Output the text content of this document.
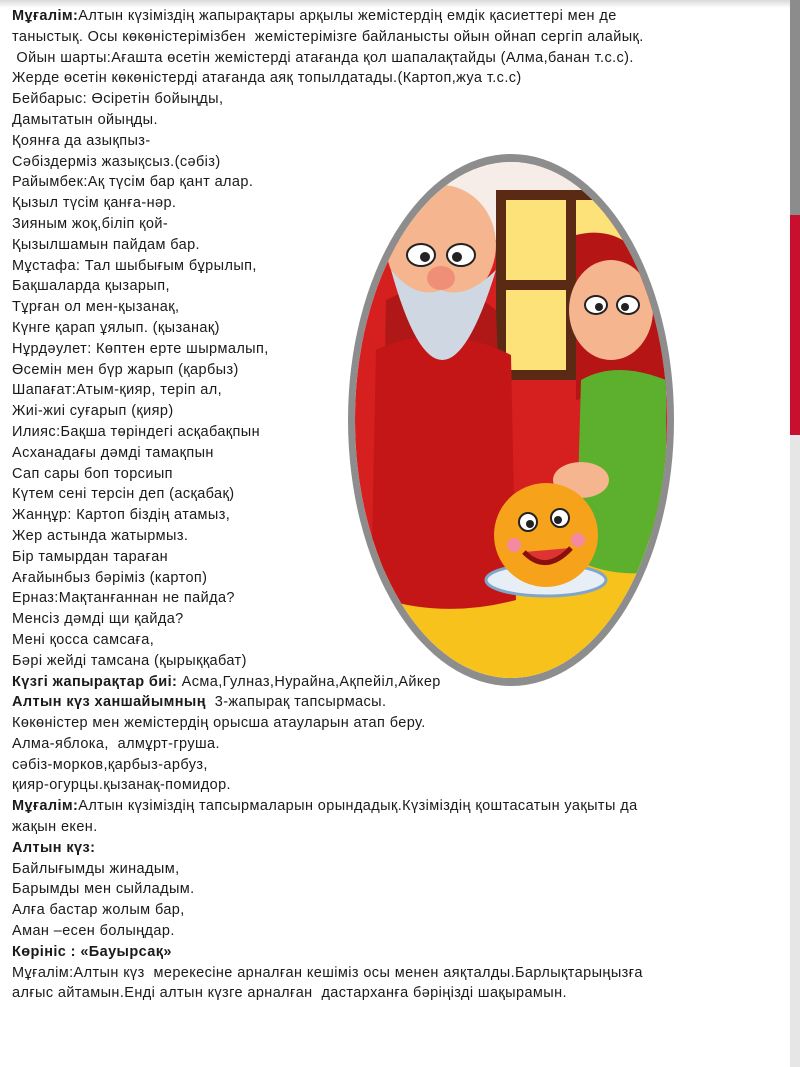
Мұғалім:Алтын күзіміздің жапырақтары арқылы жемістердің емдік қасиеттері мен де
таныстық. Осы көкөністерімізбен  жемістерімізге байланысты ойын ойнап сергіп алайық.
Ойын шарты:Ағашта өсетін жемістерді атағанда қол шапалақтайды (Алма,банан т.с.с).
Жерде өсетін көкөністерді атағанда аяқ топылдатады.(Картоп,жуа т.с.с)
Бейбарыс: Өсіретін бойыңды,
Дамытатын ойыңды.
Қоянға да азықпыз-
Сәбіздерміз жазықсыз.(сәбіз)
Райымбек:Ақ түсім бар қант алар.
Қызыл түсім қанға-нәр.
Зияным жоқ,біліп қой-
Қызылшамын пайдам бар.
Мұстафа: Тал шыбығым бұрылып,
Бақшаларда қызарып,
Тұрған ол мен-қызанақ,
Күнге қарап ұялып. (қызанақ)
Нұрдәулет: Көптен ерте шырмалып,
Өсемін мен бүр жарып (қарбыз)
Шапағат:Атым-қияр, теріп ал,
Жиі-жиі суғарып (қияр)
Илияс:Бақша төріндегі асқабақпын
Асханадағы дәмді тамақпын
Сап сары боп торсиып
Күтем сені терсін деп (асқабақ)
Жанңұр: Картоп біздің атамыз,
Жер астында жатырмыз.
Бір тамырдан тараған
Ағайынбыз бәріміз (картоп)
Ерназ:Мақтанғаннан не пайда?
Менсіз дәмді щи қайда?
Мені қосса самсаға,
Бәрі жейді тамсана (қырыққабат)
Күзгі жапырақтар биі: Асма,Гулназ,Нурайна,Ақпейіл,Айкер
Алтын күз ханшайымның  3-жапырақ тапсырмасы.
Көкөністер мен жемістердің орысша атауларын атап беру.
Алма-яблока,  алмұрт-груша.
сәбіз-морков,қарбыз-арбуз,
қияр-огурцы.қызанақ-помидор.
Мұғалім:Алтын күзіміздің тапсырмаларын орындадық.Күзіміздің қоштасатын уақыты да
жақын екен.
Алтын күз:
Байлығымды жинадым,
Барымды мен сыйладым.
Алға бастар жолым бар,
Аман –есен болыңдар.
Көрініс : «Бауырсақ»
Мұғалім:Алтын күз  мерекесіне арналған кешіміз осы менен аяқталды.Барлықтарыңызға
алғыс айтамын.Енді алтын күзге арналған  дастарханға бәріңізді шақырамын.
